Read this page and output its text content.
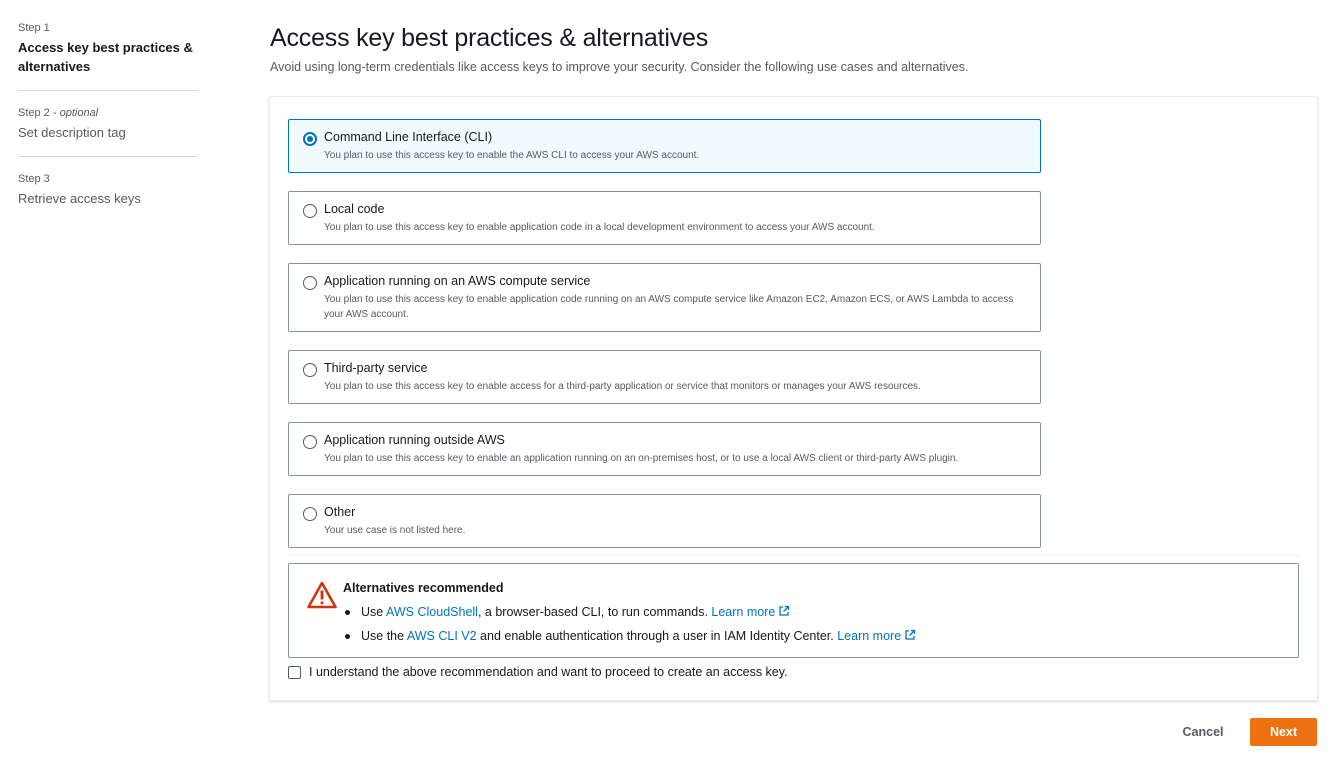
Step 1
Access key best practices & alternatives
Step 2 - optional
Set description tag
Step 3
Retrieve access keys
Access key best practices & alternatives

Avoid using long-term credentials like access keys to improve your security. Consider the following use cases and alternatives.

Command Line Interface (CLI)
You plan to use this access key to enable the AWS CLI to access your AWS account.
Local code
You plan to use this access key to enable application code in a local development environment to access your AWS account.
Application running on an AWS compute service
You plan to use this access key to enable application code running on an AWS compute service like Amazon EC2, Amazon ECS, or AWS Lambda to access your AWS account.
Third-party service
You plan to use this access key to enable access for a third-party application or service that monitors or manages your AWS resources.
Application running outside AWS
You plan to use this access key to enable an application running on an on-premises host, or to use a local AWS client or third-party AWS plugin.
Other
Your use case is not listed here.
Alternatives recommended
Use AWS CloudShell, a browser-based CLI, to run commands. Learn more
Use the AWS CLI V2 and enable authentication through a user in IAM Identity Center. Learn more
I understand the above recommendation and want to proceed to create an access key.
Cancel	Next
